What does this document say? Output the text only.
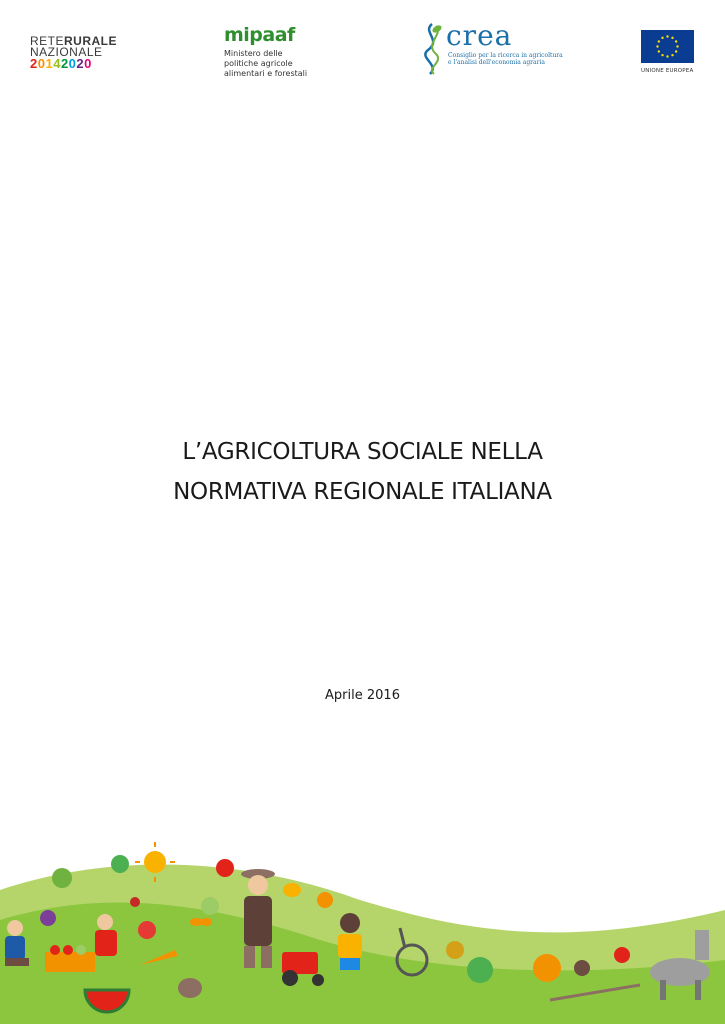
RETERURALE
NAZIONALE
20142020
mipaaf
Ministero delle
politiche agricole
alimentari e forestali
crea
Consiglio per la ricerca in agricoltura
e l'analisi dell'economia agraria
UNIONE EUROPEA
L’AGRICOLTURA SOCIALE NELLA
NORMATIVA REGIONALE ITALIANA
Aprile 2016
